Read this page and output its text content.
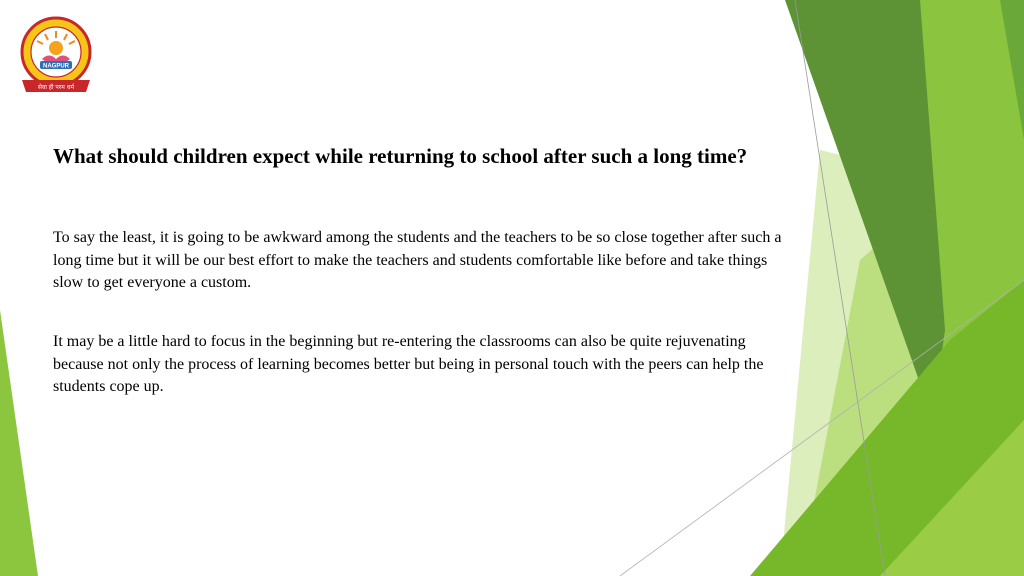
NAGPUR
सेवा ही परम धर्म
What should children expect while returning to school after such a long time?

To say the least, it is going to be awkward among the students and the teachers to be so close together after such a long time but it will be our best effort to make the teachers and students comfortable like before and take things slow to get everyone a custom.

It may be a little hard to focus in the beginning but re-entering the classrooms can also be quite rejuvenating because not only the process of learning becomes better but being in personal touch with the peers can help the students cope up.
